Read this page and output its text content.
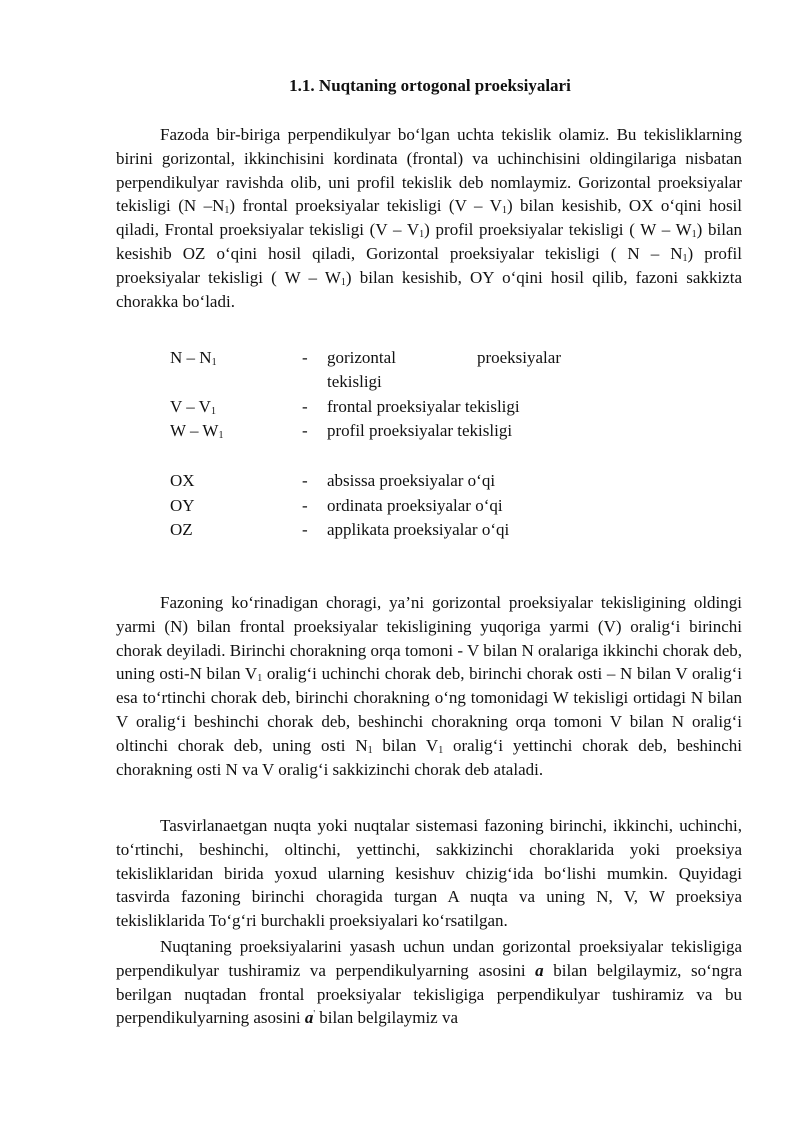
1.1. Nuqtaning ortogonal proeksiyalari

Fazoda bir-biriga perpendikulyar boʻlgan uchta tekislik olamiz. Bu tekisliklarning birini gorizontal, ikkinchisini kordinata (frontal) va uchinchisini oldingilariga nisbatan perpendikulyar ravishda olib, uni profil tekislik deb nomlaymiz. Gorizontal proeksiyalar tekisligi (N $-N_1$) frontal proeksiyalar tekisligi $(V - V_1)$ bilan kesishib, OX oʻqini hosil qiladi, Frontal proeksiyalar tekisligi $(V - V_1)$ profil proeksiyalar tekisligi ( W – $W_1$) bilan kesishib OZ oʻqini hosil qiladi, Gorizontal proeksiyalar tekisligi ( N – $N_1$) profil proeksiyalar tekisligi ( W – $W_1$) bilan kesishib, OY oʻqini hosil qilib, fazoni sakkizta chorakka boʻladi.

N – $N_1$	- gorizontal proeksiyalar
tekisligi
V – $V_1$	- frontal proeksiyalar tekisligi
W – $W_1$	- profil proeksiyalar tekisligi
OX	- absissa proeksiyalar oʻqi
OY	- ordinata proeksiyalar oʻqi
OZ	- applikata proeksiyalar oʻqi

Fazoning koʻrinadigan choragi, ya’ni gorizontal proeksiyalar tekisligining oldingi yarmi (N) bilan frontal proeksiyalar tekisligining yuqoriga yarmi (V) oraligʻi birinchi chorak deyiladi. Birinchi chorakning orqa tomoni - V bilan N oralariga ikkinchi chorak deb, uning osti-N bilan $V_1$ oraligʻi uchinchi chorak deb, birinchi chorak osti – N bilan V oraligʻi esa toʻrtinchi chorak deb, birinchi chorakning oʻng tomonidagi W tekisligi ortidagi N bilan V oraligʻi beshinchi chorak deb, beshinchi chorakning orqa tomoni V bilan N oraligʻi oltinchi chorak deb, uning osti $N_1$ bilan $V_1$ oraligʻi yettinchi chorak deb, beshinchi chorakning osti N va V oraligʻi sakkizinchi chorak deb ataladi.

Tasvirlanaetgan nuqta yoki nuqtalar sistemasi fazoning birinchi, ikkinchi, uchinchi, toʻrtinchi, beshinchi, oltinchi, yettinchi, sakkizinchi choraklarida yoki proeksiya tekisliklaridan birida yoxud ularning kesishuv chizigʻida boʻlishi mumkin. Quyidagi tasvirda fazoning birinchi choragida turgan A nuqta va uning N, V, W proeksiya tekisliklarida Toʻgʻri burchakli proeksiyalari koʻrsatilgan.

Nuqtaning proeksiyalarini yasash uchun undan gorizontal proeksiyalar tekisligiga perpendikulyar tushiramiz va perpendikulyarning asosini a bilan belgilaymiz, soʻngra berilgan nuqtadan frontal proeksiyalar tekisligiga perpendikulyar tushiramiz va bu perpendikulyarning asosini a' bilan belgilaymiz va
